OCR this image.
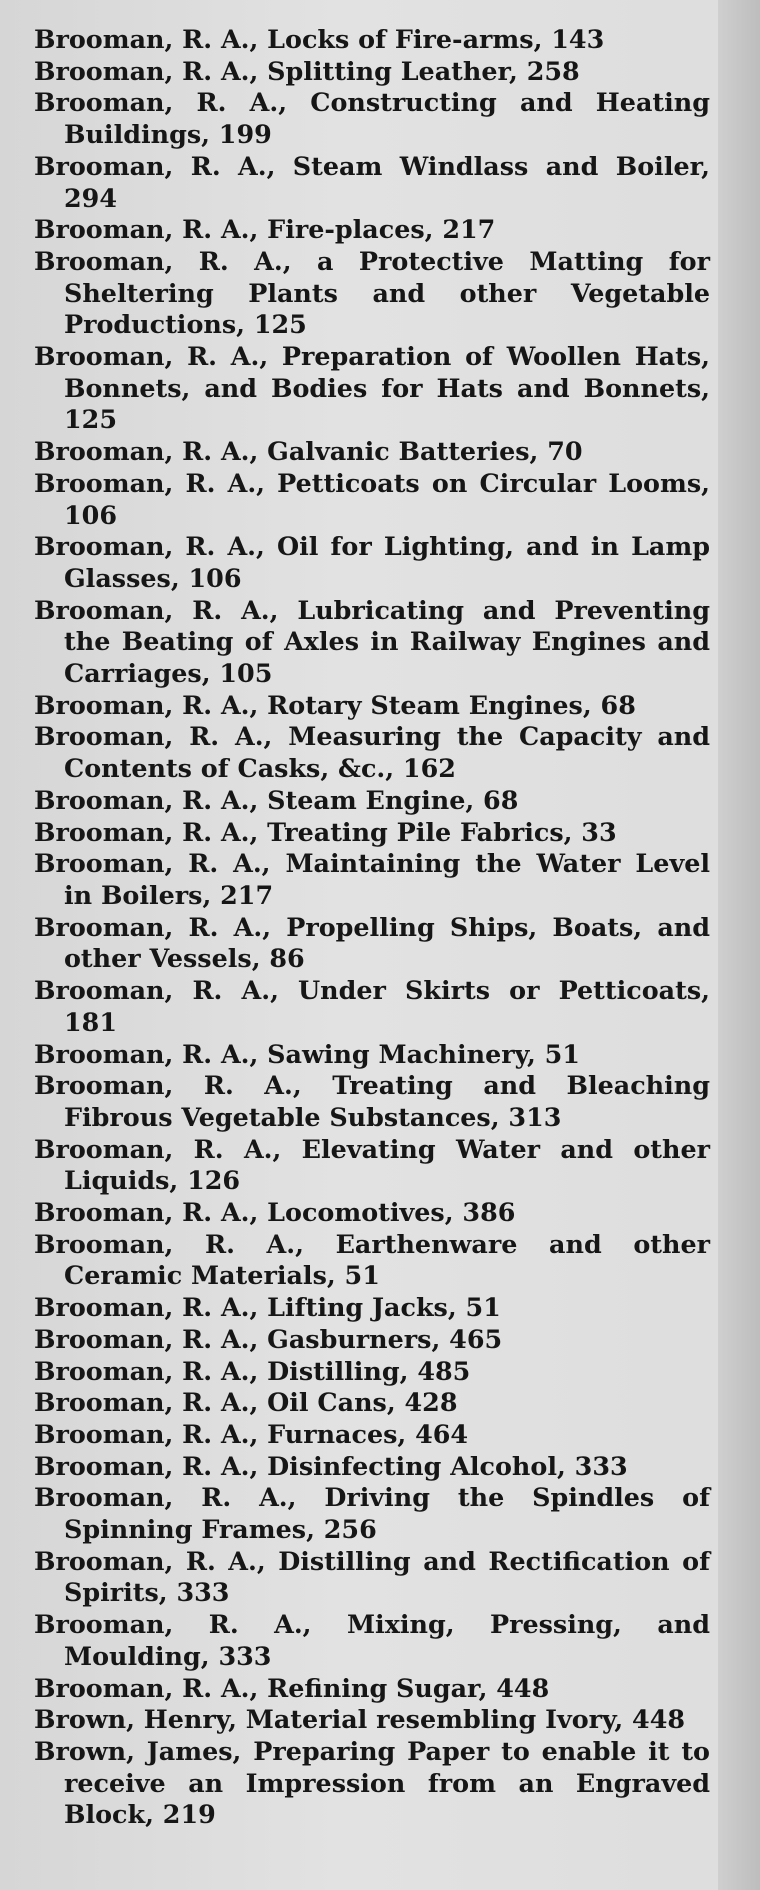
Brooman, R. A., Locks of Fire-arms, 143
Brooman, R. A., Splitting Leather, 258
Brooman, R. A., Constructing and Heating Buildings, 199
Brooman, R. A., Steam Windlass and Boiler, 294
Brooman, R. A., Fire-places, 217
Brooman, R. A., a Protective Matting for Sheltering Plants and other Vegetable Productions, 125
Brooman, R. A., Preparation of Woollen Hats, Bonnets, and Bodies for Hats and Bonnets, 125
Brooman, R. A., Galvanic Batteries, 70
Brooman, R. A., Petticoats on Circular Looms, 106
Brooman, R. A., Oil for Lighting, and in Lamp Glasses, 106
Brooman, R. A., Lubricating and Preventing the Beating of Axles in Railway Engines and Carriages, 105
Brooman, R. A., Rotary Steam Engines, 68
Brooman, R. A., Measuring the Capacity and Contents of Casks, &c., 162
Brooman, R. A., Steam Engine, 68
Brooman, R. A., Treating Pile Fabrics, 33
Brooman, R. A., Maintaining the Water Level in Boilers, 217
Brooman, R. A., Propelling Ships, Boats, and other Vessels, 86
Brooman, R. A., Under Skirts or Petticoats, 181
Brooman, R. A., Sawing Machinery, 51
Brooman, R. A., Treating and Bleaching Fibrous Vegetable Substances, 313
Brooman, R. A., Elevating Water and other Liquids, 126
Brooman, R. A., Locomotives, 386
Brooman, R. A., Earthenware and other Ceramic Materials, 51
Brooman, R. A., Lifting Jacks, 51
Brooman, R. A., Gasburners, 465
Brooman, R. A., Distilling, 485
Brooman, R. A., Oil Cans, 428
Brooman, R. A., Furnaces, 464
Brooman, R. A., Disinfecting Alcohol, 333
Brooman, R. A., Driving the Spindles of Spinning Frames, 256
Brooman, R. A., Distilling and Rectification of Spirits, 333
Brooman, R. A., Mixing, Pressing, and Moulding, 333
Brooman, R. A., Refining Sugar, 448
Brown, Henry, Material resembling Ivory, 448
Brown, James, Preparing Paper to enable it to receive an Impression from an Engraved Block, 219
